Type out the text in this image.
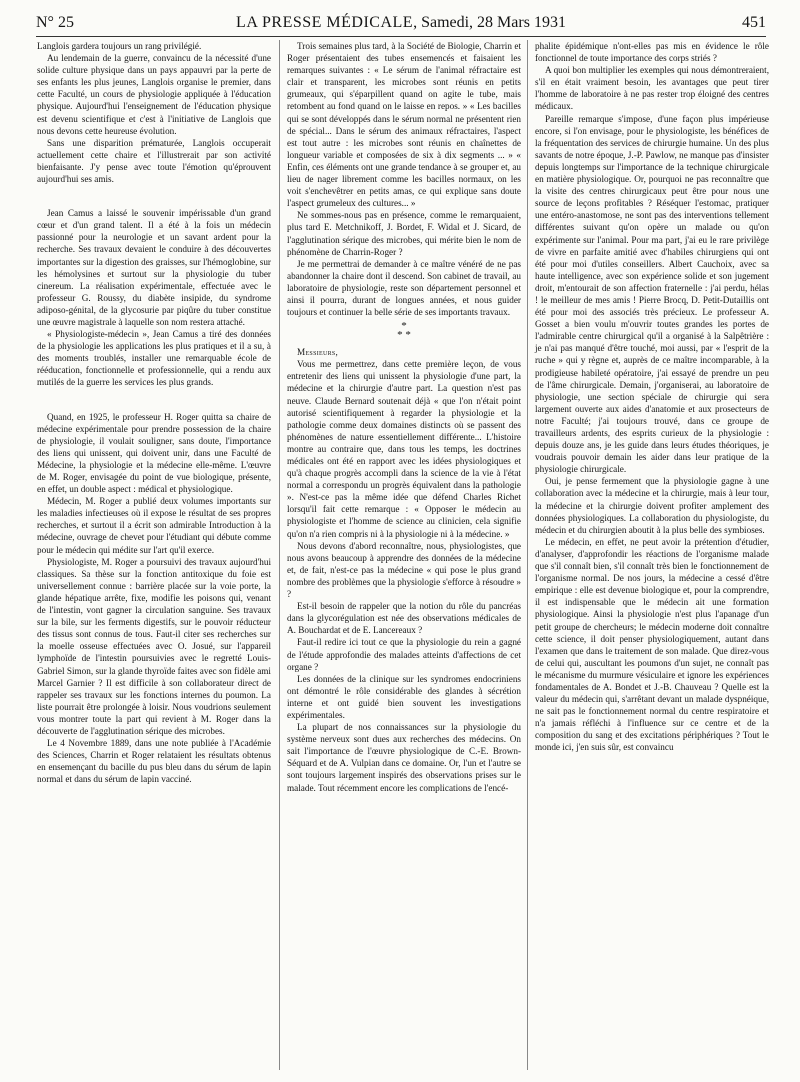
N° 25	LA PRESSE MÉDICALE, Samedi, 28 Mars 1931	451

Langlois gardera toujours un rang privilégié.

Au lendemain de la guerre, convaincu de la nécessité d'une solide culture physique dans un pays appauvri par la perte de ses enfants les plus jeunes, Langlois organise le premier, dans cette Faculté, un cours de physiologie appliquée à l'éducation physique. Aujourd'hui l'enseignement de l'éducation physique est devenu scientifique et c'est à l'initiative de Langlois que nous devons cette heureuse évolution.

Sans une disparition prématurée, Langlois occuperait actuellement cette chaire et l'illustrerait par son activité bienfaisante. J'y pense avec toute l'émotion qu'éprouvent aujourd'hui ses amis.

Jean Camus a laissé le souvenir impérissable d'un grand cœur et d'un grand talent. Il a été à la fois un médecin passionné pour la neurologie et un savant ardent pour la recherche. Ses travaux devaient le conduire à des découvertes importantes sur la digestion des graisses, sur l'hémoglobine, sur les hémolysines et surtout sur la physiologie du tuber cinereum. La réalisation expérimentale, effectuée avec le professeur G. Roussy, du diabète insipide, du syndrome adiposo-génital, de la glycosurie par piqûre du tuber constitue une œuvre magistrale à laquelle son nom restera attaché.

« Physiologiste-médecin », Jean Camus a tiré des données de la physiologie les applications les plus pratiques et il a su, à des moments troublés, installer une remarquable école de rééducation, fonctionnelle et professionnelle, qui a rendu aux mutilés de la guerre les services les plus grands.

Quand, en 1925, le professeur H. Roger quitta sa chaire de médecine expérimentale pour prendre possession de la chaire de physiologie, il voulait souligner, sans doute, l'importance des liens qui unissent, qui doivent unir, dans une Faculté de Médecine, la physiologie et la médecine elle-même. L'œuvre de M. Roger, envisagée du point de vue biologique, présente, en effet, un double aspect : médical et physiologique.

Médecin, M. Roger a publié deux volumes importants sur les maladies infectieuses où il expose le résultat de ses propres recherches, et surtout il a écrit son admirable Introduction à la médecine, ouvrage de chevet pour l'étudiant qui débute comme pour le médecin qui médite sur l'art qu'il exerce.

Physiologiste, M. Roger a poursuivi des travaux aujourd'hui classiques. Sa thèse sur la fonction antitoxique du foie est universellement connue : barrière placée sur la voie porte, la glande hépatique arrête, fixe, modifie les poisons qui, venant de l'intestin, vont gagner la circulation sanguine. Ses travaux sur la bile, sur les ferments digestifs, sur le pouvoir réducteur des tissus sont connus de tous. Faut-il citer ses recherches sur la moelle osseuse effectuées avec O. Josué, sur l'appareil lymphoïde de l'intestin poursuivies avec le regretté Louis-Gabriel Simon, sur la glande thyroïde faites avec son fidèle ami Marcel Garnier ? Il est difficile à son collaborateur direct de rappeler ses travaux sur les fonctions internes du poumon. La liste pourrait être prolongée à loisir. Nous voudrions seulement vous montrer toute la part qui revient à M. Roger dans la découverte de l'agglutination sérique des microbes.

Le 4 Novembre 1889, dans une note publiée à l'Académie des Sciences, Charrin et Roger relataient les résultats obtenus en ensemençant du bacille du pus bleu dans du sérum de lapin normal et dans du sérum de lapin vacciné.

Trois semaines plus tard, à la Société de Biologie, Charrin et Roger présentaient des tubes ensemencés et faisaient les remarques suivantes : « Le sérum de l'animal réfractaire est clair et transparent, les microbes sont réunis en petits grumeaux, qui s'éparpillent quand on agite le tube, mais retombent au fond quand on le laisse en repos. » « Les bacilles qui se sont développés dans le sérum normal ne présentent rien de spécial... Dans le sérum des animaux réfractaires, l'aspect est tout autre : les microbes sont réunis en chaînettes de longueur variable et composées de six à dix segments ... » « Enfin, ces éléments ont une grande tendance à se grouper et, au lieu de nager librement comme les bacilles normaux, on les voit s'enchevêtrer en petits amas, ce qui explique sans doute l'aspect grumeleux des cultures... »

Ne sommes-nous pas en présence, comme le remarquaient, plus tard E. Metchnikoff, J. Bordet, F. Widal et J. Sicard, de l'agglutination sérique des microbes, qui mérite bien le nom de phénomène de Charrin-Roger ?

Je me permettrai de demander à ce maître vénéré de ne pas abandonner la chaire dont il descend. Son cabinet de travail, au laboratoire de physiologie, reste son département personnel et ainsi il pourra, durant de longues années, et nous guider toujours et continuer la belle série de ses importants travaux.

*
* *

Messieurs,

Vous me permettrez, dans cette première leçon, de vous entretenir des liens qui unissent la physiologie d'une part, la médecine et la chirurgie d'autre part. La question n'est pas neuve. Claude Bernard soutenait déjà « que l'on n'était point autorisé scientifiquement à regarder la physiologie et la pathologie comme deux domaines distincts où se passent des phénomènes de nature essentiellement différente... L'histoire montre au contraire que, dans tous les temps, les doctrines médicales ont été en rapport avec les idées physiologiques et qu'à chaque progrès accompli dans la science de la vie à l'état normal a correspondu un progrès équivalent dans la pathologie ». N'est-ce pas la même idée que défend Charles Richet lorsqu'il fait cette remarque : « Opposer le médecin au physiologiste et l'homme de science au clinicien, cela signifie qu'on n'a rien compris ni à la physiologie ni à la médecine. »

Nous devons d'abord reconnaître, nous, physiologistes, que nous avons beaucoup à apprendre des données de la médecine et, de fait, n'est-ce pas la médecine « qui pose le plus grand nombre des problèmes que la physiologie s'efforce à résoudre » ?

Est-il besoin de rappeler que la notion du rôle du pancréas dans la glycorégulation est née des observations médicales de A. Bouchardat et de E. Lancereaux ?

Faut-il redire ici tout ce que la physiologie du rein a gagné de l'étude approfondie des malades atteints d'affections de cet organe ?

Les données de la clinique sur les syndromes endocriniens ont démontré le rôle considérable des glandes à sécrétion interne et ont guidé bien souvent les investigations expérimentales.

La plupart de nos connaissances sur la physiologie du système nerveux sont dues aux recherches des médecins. On sait l'importance de l'œuvre physiologique de C.-E. Brown-Séquard et de A. Vulpian dans ce domaine. Or, l'un et l'autre se sont toujours largement inspirés des observations prises sur le malade. Tout récemment encore les complications de l'encé-

phalite épidémique n'ont-elles pas mis en évidence le rôle fonctionnel de toute importance des corps striés ?

A quoi bon multiplier les exemples qui nous démontreraient, s'il en était vraiment besoin, les avantages que peut tirer l'homme de laboratoire à ne pas rester trop éloigné des centres médicaux.

Pareille remarque s'impose, d'une façon plus impérieuse encore, si l'on envisage, pour le physiologiste, les bénéfices de la fréquentation des services de chirurgie humaine. Un des plus savants de notre époque, J.-P. Pawlow, ne manque pas d'insister depuis longtemps sur l'importance de la technique chirurgicale en matière physiologique. Or, pourquoi ne pas reconnaître que la visite des centres chirurgicaux peut être pour nous une source de leçons profitables ? Réséquer l'estomac, pratiquer une entéro-anastomose, ne sont pas des interventions tellement différentes suivant qu'on opère un malade ou qu'on expérimente sur l'animal. Pour ma part, j'ai eu le rare privilège de vivre en parfaite amitié avec d'habiles chirurgiens qui ont été pour moi d'utiles conseillers. Albert Cauchoix, avec sa haute intelligence, avec son expérience solide et son jugement droit, m'entourait de son affection fraternelle : j'ai perdu, hélas ! le meilleur de mes amis ! Pierre Brocq, D. Petit-Dutaillis ont été pour moi des associés très précieux. Le professeur A. Gosset a bien voulu m'ouvrir toutes grandes les portes de l'admirable centre chirurgical qu'il a organisé à la Salpêtrière : je n'ai pas manqué d'être touché, moi aussi, par « l'esprit de la ruche » qui y règne et, auprès de ce maître incomparable, à la prodigieuse habileté opératoire, j'ai essayé de prendre un peu de l'âme chirurgicale. Demain, j'organiserai, au laboratoire de physiologie, une section spéciale de chirurgie qui sera largement ouverte aux aides d'anatomie et aux prosecteurs de notre Faculté; j'ai toujours trouvé, dans ce groupe de travailleurs ardents, des esprits curieux de la physiologie : depuis douze ans, je les guide dans leurs études théoriques, je voudrais pouvoir demain les aider dans leur pratique de la physiologie chirurgicale.

Oui, je pense fermement que la physiologie gagne à une collaboration avec la médecine et la chirurgie, mais à leur tour, la médecine et la chirurgie doivent profiter amplement des données physiologiques. La collaboration du physiologiste, du médecin et du chirurgien aboutit à la plus belle des symbioses.

Le médecin, en effet, ne peut avoir la prétention d'étudier, d'analyser, d'approfondir les réactions de l'organisme malade que s'il connaît bien, s'il connaît très bien le fonctionnement de l'organisme normal. De nos jours, la médecine a cessé d'être empirique : elle est devenue biologique et, pour la comprendre, il est indispensable que le médecin ait une formation physiologique. Ainsi la physiologie n'est plus l'apanage d'un petit groupe de chercheurs; le médecin moderne doit connaître cette science, il doit penser physiologiquement, autant dans l'examen que dans le traitement de son malade. Que direz-vous de celui qui, auscultant les poumons d'un sujet, ne connaît pas le mécanisme du murmure vésiculaire et ignore les expériences fondamentales de A. Bondet et J.-B. Chauveau ? Quelle est la valeur du médecin qui, s'arrêtant devant un malade dyspnéique, ne sait pas le fonctionnement normal du centre respiratoire et n'a jamais réfléchi à l'influence sur ce centre et de la composition du sang et des excitations périphériques ? Tout le monde ici, j'en suis sûr, est convaincu
